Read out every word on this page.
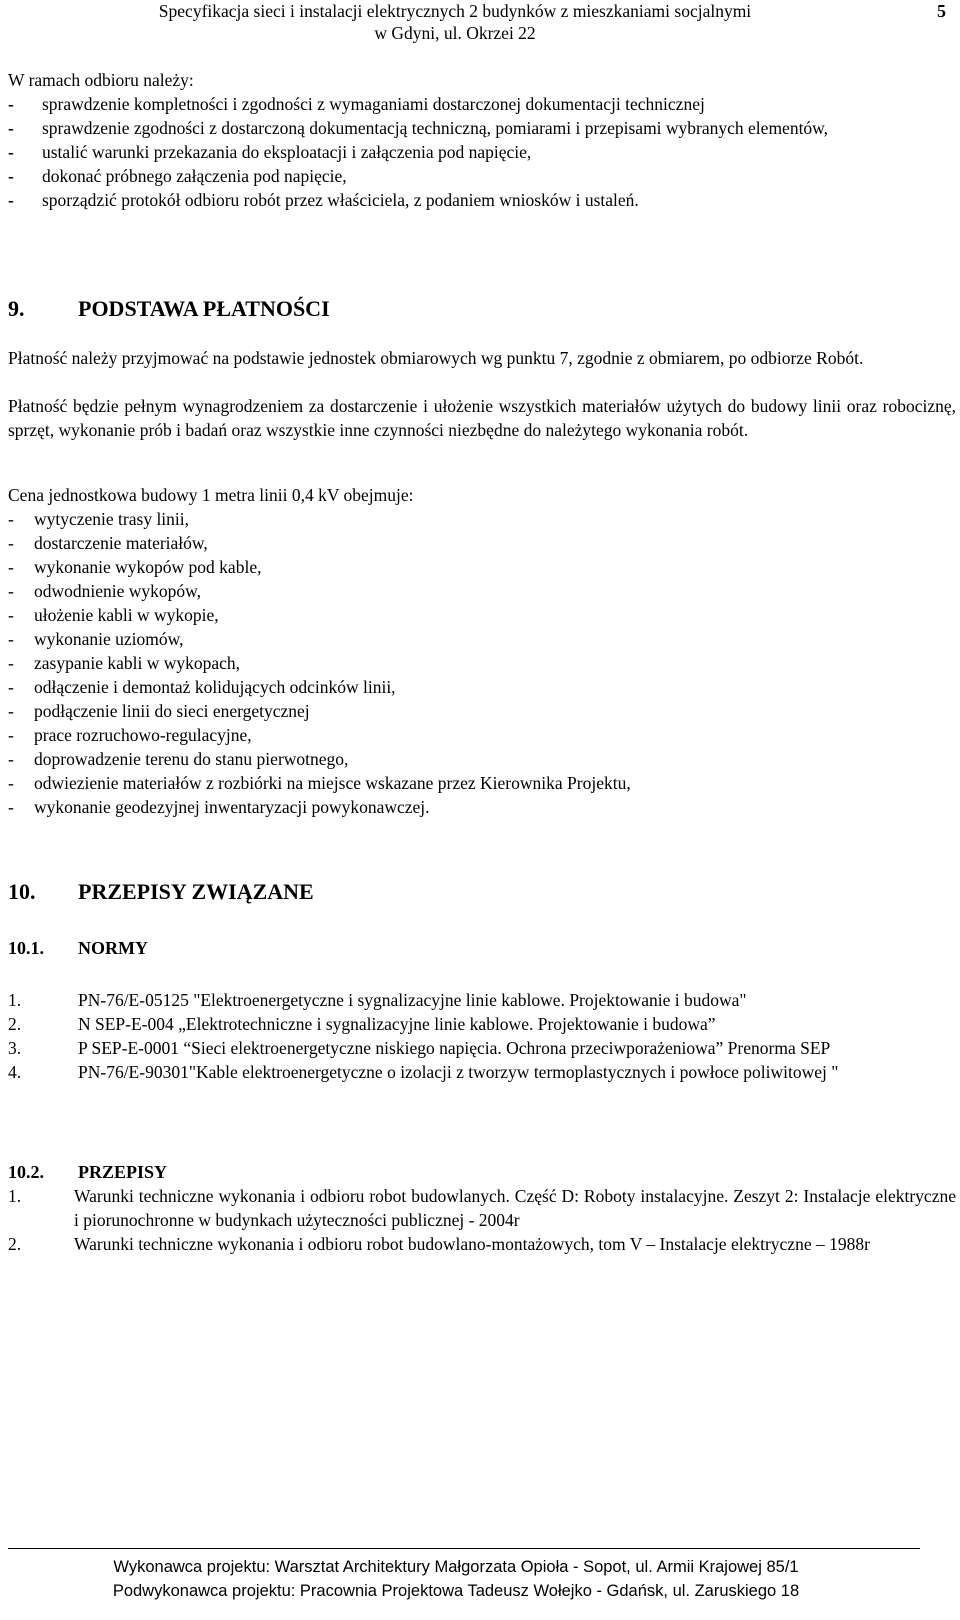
Specyfikacja sieci i instalacji elektrycznych 2 budynków z mieszkaniami socjalnymi
w Gdyni, ul. Okrzei 22
5
W ramach odbioru należy:
-	sprawdzenie kompletności i zgodności z wymaganiami dostarczonej dokumentacji technicznej
-	sprawdzenie zgodności z dostarczoną dokumentacją techniczną, pomiarami i przepisami wybranych elementów,
-	ustalić warunki przekazania do eksploatacji i załączenia pod napięcie,
-	dokonać próbnego załączenia pod napięcie,
-	sporządzić protokół odbioru robót przez właściciela, z podaniem wniosków i ustaleń.
9. PODSTAWA PŁATNOŚCI
Płatność należy przyjmować na podstawie jednostek obmiarowych wg punktu 7, zgodnie z obmiarem, po odbiorze Robót.
Płatność będzie pełnym wynagrodzeniem za dostarczenie i ułożenie wszystkich materiałów użytych do budowy linii oraz robociznę, sprzęt, wykonanie prób i badań oraz wszystkie inne czynności niezbędne do należytego wykonania robót.
Cena jednostkowa budowy 1 metra linii 0,4 kV obejmuje:
-	wytyczenie trasy linii,
-	dostarczenie materiałów,
-	wykonanie wykopów pod kable,
-	odwodnienie wykopów,
-	ułożenie kabli w wykopie,
-	wykonanie uziomów,
-	zasypanie kabli w wykopach,
-	odłączenie i demontaż kolidujących odcinków linii,
-	podłączenie linii do sieci energetycznej
-	prace rozruchowo-regulacyjne,
-	doprowadzenie terenu do stanu pierwotnego,
-	odwiezienie materiałów z rozbiórki na miejsce wskazane przez Kierownika Projektu,
-	wykonanie geodezyjnej inwentaryzacji powykonawczej.
10. PRZEPISY ZWIĄZANE
10.1. NORMY
1.	PN-76/E-05125 "Elektroenergetyczne i sygnalizacyjne linie kablowe. Projektowanie i budowa"
2.	N SEP-E-004 „Elektrotechniczne i sygnalizacyjne linie kablowe. Projektowanie i budowa”
3.	P SEP-E-0001 “Sieci elektroenergetyczne niskiego napięcia. Ochrona przeciwporażeniowa” Prenorma SEP
4.	PN-76/E-90301"Kable elektroenergetyczne o izolacji z tworzyw termoplastycznych i powłoce poliwitowej "
10.2. PRZEPISY
1.	Warunki techniczne wykonania i odbioru robot budowlanych. Część D: Roboty instalacyjne. Zeszyt 2: Instalacje elektryczne i piorunochronne w budynkach użyteczności publicznej - 2004r
2.	Warunki techniczne wykonania i odbioru robot budowlano-montażowych, tom V – Instalacje elektryczne – 1988r
Wykonawca projektu: Warsztat Architektury Małgorzata Opioła - Sopot, ul. Armii Krajowej 85/1
Podwykonawca projektu: Pracownia Projektowa Tadeusz Wołejko - Gdańsk, ul. Zaruskiego 18
